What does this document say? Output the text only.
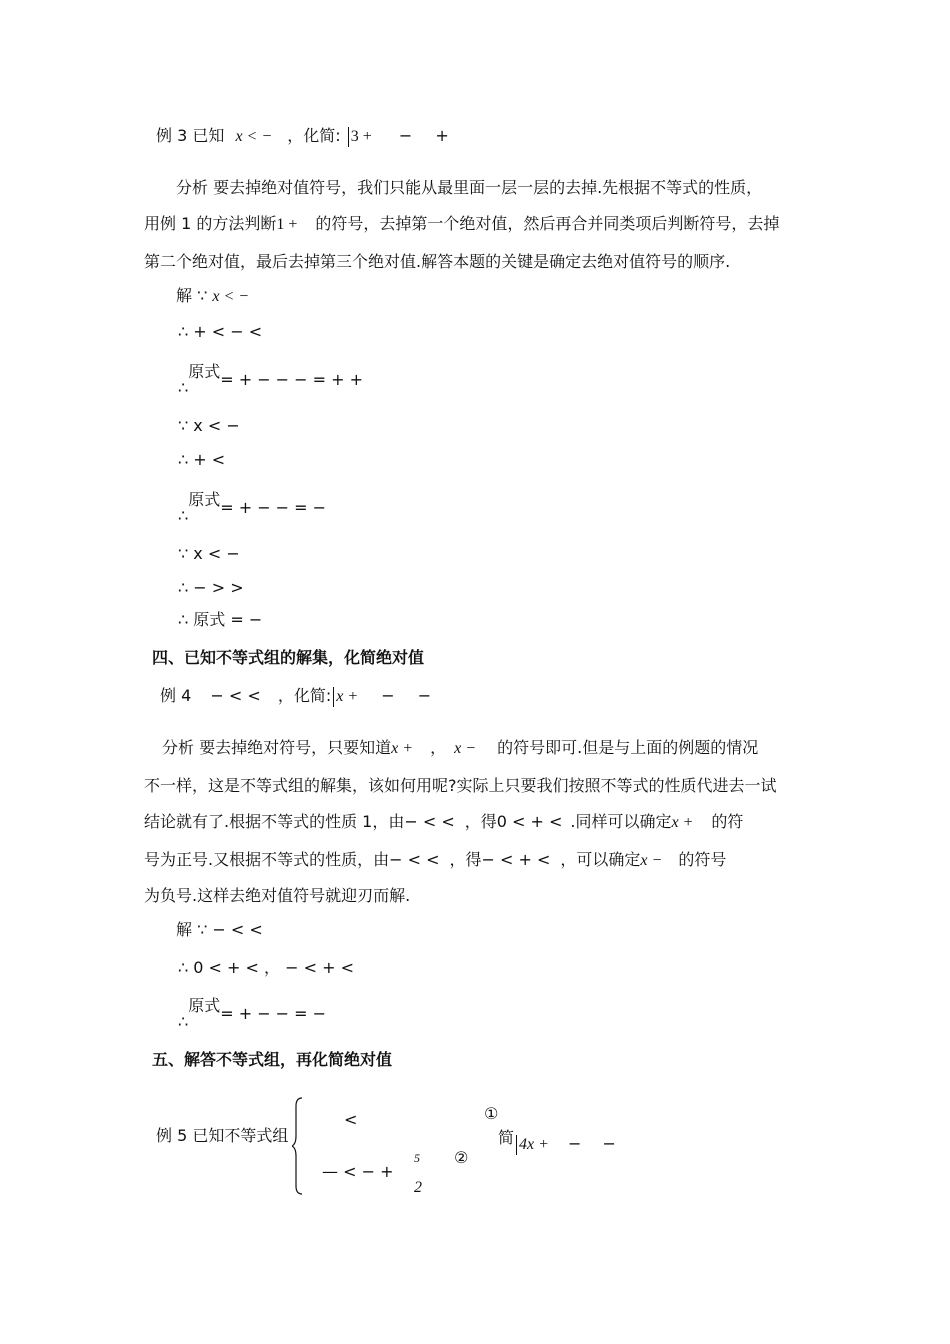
例 3 已知 x < − ，化简: 3 + − +
分析 要去掉绝对值符号，我们只能从最里面一层一层的去掉.先根据不等式的性质，
用例 1 的方法判断1 + 的符号，去掉第一个绝对值，然后再合并同类项后判断符号，去掉
第二个绝对值，最后去掉第三个绝对值.解答本题的关键是确定去绝对值符号的顺序.
解 ∵ x < −
∴ + < − <
∴原式= + − − − = + +
∵ x < −
∴ + <
∴原式= + − − = −
∵ x < −
∴ − > >
∴ 原式 = −
四、已知不等式组的解集，化简绝对值
例 4 − < < ，化简: x + − −
分析 要去掉绝对符号，只要知道x + ， x − 的符号即可.但是与上面的例题的情况
不一样，这是不等式组的解集，该如何用呢?实际上只要我们按照不等式的性质代进去一试
结论就有了.根据不等式的性质 1，由− < < ，得0 < + < .同样可以确定x + 的符
号为正号.又根据不等式的性质，由− < < ，得− < + < ，可以确定x − 的符号
为负号.这样去绝对值符号就迎刃而解.
解 ∵ − < <
∴ 0 < + < ， − < + <
∴原式= + − − = −
五、解答不等式组，再化简绝对值
例 5 已知不等式组
<	①
简 4x + − −
— < − +
5
2
②
